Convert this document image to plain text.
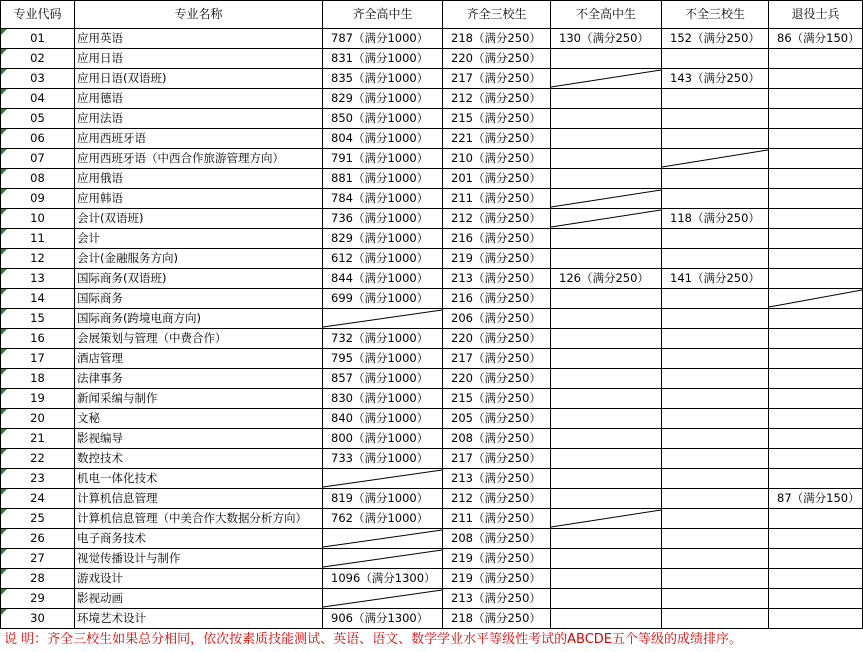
专业代码	专业名称	齐全高中生	齐全三校生	不全高中生	不全三校生	退役士兵
01	应用英语	787（满分1000）	218（满分250）	130（满分250）	152（满分250）	86（满分150）
02	应用日语	831（满分1000）	220（满分250）			
03	应用日语(双语班)	835（满分1000）	217（满分250）		143（满分250）	
04	应用德语	829（满分1000）	212（满分250）			
05	应用法语	850（满分1000）	215（满分250）			
06	应用西班牙语	804（满分1000）	221（满分250）			
07	应用西班牙语（中西合作旅游管理方向）	791（满分1000）	210（满分250）		

08	应用俄语	881（满分1000）	201（满分250）			
09	应用韩语	784（满分1000）	211（满分250）	

10	会计(双语班)	736（满分1000）	212（满分250）		118（满分250）	
11	会计	829（满分1000）	216（满分250）			
12	会计(金融服务方向)	612（满分1000）	219（满分250）			
13	国际商务(双语班)	844（满分1000）	213（满分250）	126（满分250）	141（满分250）	
14	国际商务	699（满分1000）	216（满分250）			

15	国际商务(跨境电商方向)		206（满分250）			
16	会展策划与管理（中费合作）	732（满分1000）	220（满分250）			
17	酒店管理	795（满分1000）	217（满分250）			
18	法律事务	857（满分1000）	220（满分250）			
19	新闻采编与制作	830（满分1000）	215（满分250）			
20	文秘	840（满分1000）	205（满分250）			
21	影视编导	800（满分1000）	208（满分250）			
22	数控技术	733（满分1000）	217（满分250）			
23	机电一体化技术		213（满分250）			
24	计算机信息管理	819（满分1000）	212（满分250）			87（满分150）
25	计算机信息管理（中美合作大数据分析方向）	762（满分1000）	211（满分250）	

26	电子商务技术		208（满分250）			
27	视觉传播设计与制作		219（满分250）			
28	游戏设计	1096（满分1300）	219（满分250）			
29	影视动画		213（满分250）			
30	环境艺术设计	906（满分1300）	218（满分250）			
说 明：齐全三校生如果总分相同，依次按素质技能测试、英语、语文、数学学业水平等级性考试的ABCDE五个等级的成绩排序。
